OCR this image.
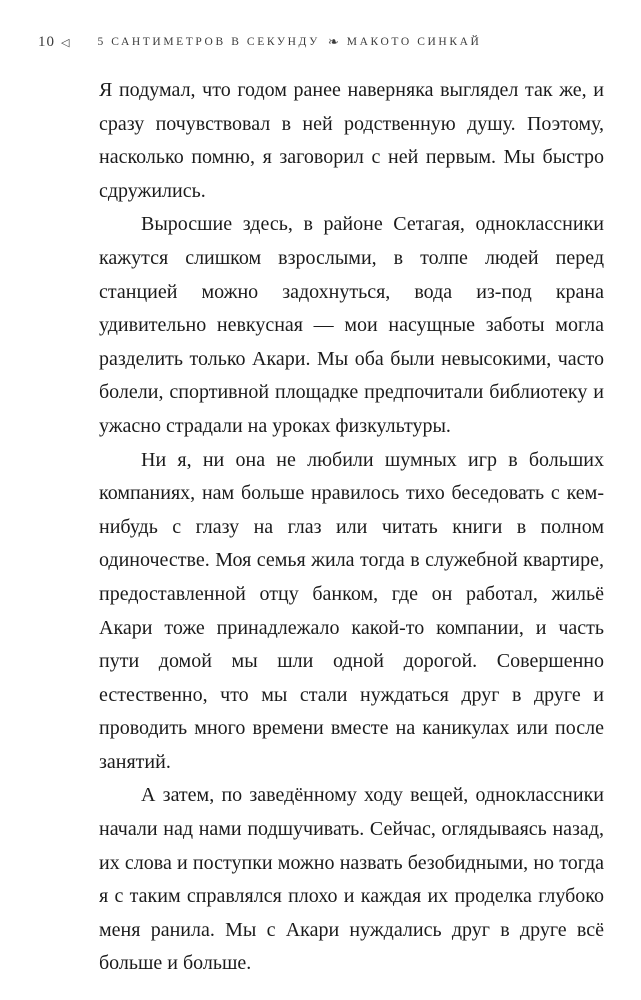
10 ◁ 5 САНТИМЕТРОВ В СЕКУНДУ ❧ МАКОТО СИНКАЙ

Я подумал, что годом ранее наверняка выглядел так же, и сразу почувствовал в ней родственную душу. Поэтому, насколько помню, я заговорил с ней первым. Мы быстро сдружились.

Выросшие здесь, в районе Сетагая, одноклассники кажутся слишком взрослыми, в толпе людей перед станцией можно задохнуться, вода из-под крана удивительно невкусная — мои насущные заботы могла разделить только Акари. Мы оба были невысокими, часто болели, спортивной площадке предпочитали библиотеку и ужасно страдали на уроках физкультуры.

Ни я, ни она не любили шумных игр в больших компаниях, нам больше нравилось тихо беседовать с кем-нибудь с глазу на глаз или читать книги в полном одиночестве. Моя семья жила тогда в служебной квартире, предоставленной отцу банком, где он работал, жильё Акари тоже принадлежало какой-то компании, и часть пути домой мы шли одной дорогой. Совершенно естественно, что мы стали нуждаться друг в друге и проводить много времени вместе на каникулах или после занятий.

А затем, по заведённому ходу вещей, одноклассники начали над нами подшучивать. Сейчас, оглядываясь назад, их слова и поступки можно назвать безобидными, но тогда я с таким справлялся плохо и каждая их проделка глубоко меня ранила. Мы с Акари нуждались друг в друге всё больше и больше.
